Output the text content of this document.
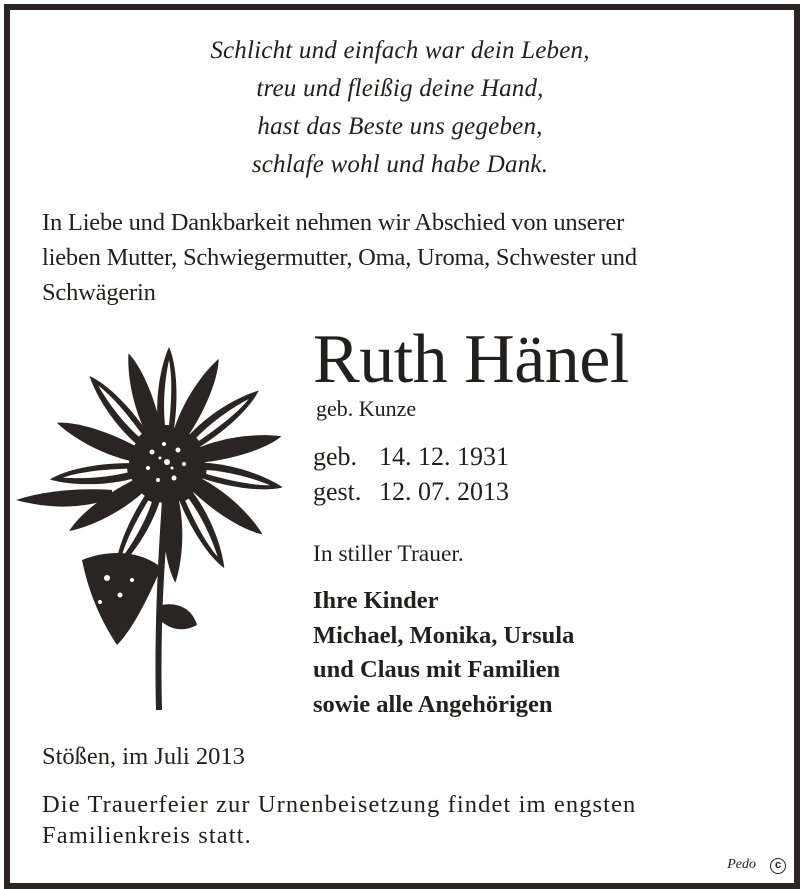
Schlicht und einfach war dein Leben,
treu und fleißig deine Hand,
hast das Beste uns gegeben,
schlafe wohl und habe Dank.
In Liebe und Dankbarkeit nehmen wir Abschied von unserer
lieben Mutter, Schwiegermutter, Oma, Uroma, Schwester und
Schwägerin
Ruth Hänel
geb. Kunze
geb. 14. 12. 1931
gest. 12. 07. 2013
In stiller Trauer.
Ihre Kinder
Michael, Monika, Ursula
und Claus mit Familien
sowie alle Angehörigen
Stößen, im Juli 2013
Die Trauerfeier zur Urnenbeisetzung findet im engsten
Familienkreis statt.
Pedo	c
